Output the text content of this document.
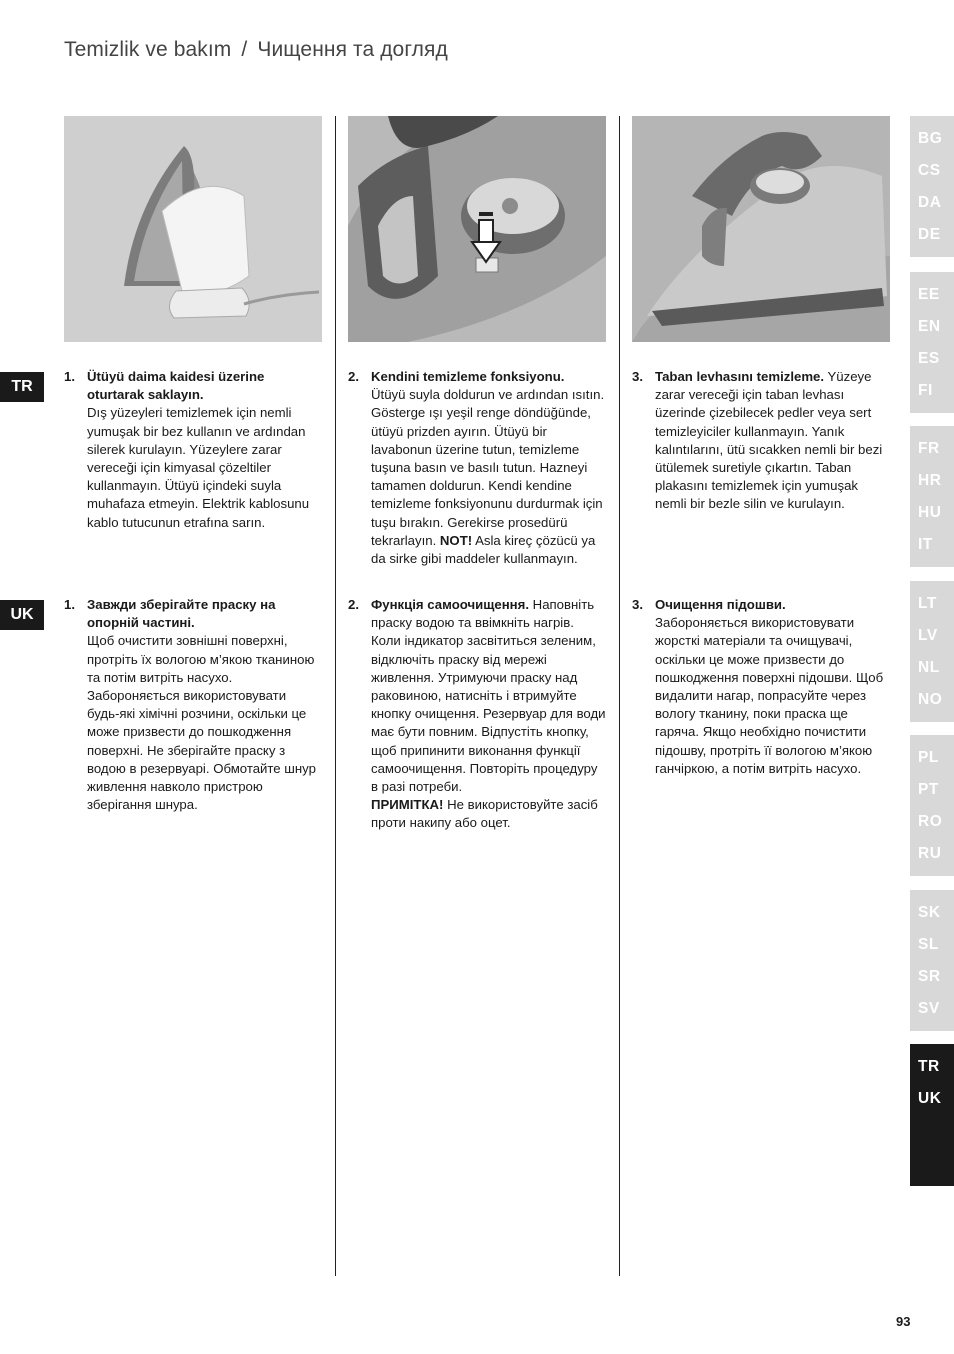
Temizlik ve bakım / Чищення та догляд
TR
UK
1. Ütüyü daima kaidesi üzerine oturtarak saklayın.
Dış yüzeyleri temizlemek için nemli yumuşak bir bez kullanın ve ardından silerek kurulayın. Yüzeylere zarar vereceği için kimyasal çözeltiler kullanmayın. Ütüyü içindeki suyla muhafaza etmeyin. Elektrik kablosunu kablo tutucunun etrafına sarın.
2. Kendini temizleme fonksiyonu.
Ütüyü suyla doldurun ve ardından ısıtın. Gösterge ışı yeşil renge döndüğünde, ütüyü prizden ayırın. Ütüyü bir lavabonun üzerine tutun, temizleme tuşuna basın ve basılı tutun. Hazneyi tamamen doldurun. Kendi kendine temizleme fonksiyonunu durdurmak için tuşu bırakın. Gerekirse prosedürü tekrarlayın. NOT! Asla kireç çözücü ya da sirke gibi maddeler kullanmayın.
3. Taban levhasını temizleme. Yüzeye zarar vereceği için taban levhası üzerinde çizebilecek pedler veya sert temizleyiciler kullanmayın. Yanık kalıntılarını, ütü sıcakken nemli bir bezi ütülemek suretiyle çıkartın. Taban plakasını temizlemek için yumuşak nemli bir bezle silin ve kurulayın.
1. Завжди зберігайте праску на опорній частині.
Щоб очистити зовнішні поверхні, протріть їх вологою м’якою тканиною та потім витріть насухо. Забороняється використовувати будь-які хімічні розчини, оскільки це може призвести до пошкодження поверхні. Не зберігайте праску з водою в резервуарі. Обмотайте шнур живлення навколо пристрою зберігання шнура.
2. Функція самоочищення. Наповніть праску водою та ввімкніть нагрів. Коли індикатор засвітиться зеленим, відключіть праску від мережі живлення. Утримуючи праску над раковиною, натисніть і втримуйте кнопку очищення. Резервуар для води має бути повним. Відпустіть кнопку, щоб припинити виконання функції самоочищення. Повторіть процедуру в разі потреби.
ПРИМІТКА! Не використовуйте засіб проти накипу або оцет.
3. Очищення підошви.
Забороняється використовувати жорсткі матеріали та очищувачі, оскільки це може призвести до пошкодження поверхні підошви. Щоб видалити нагар, попрасуйте через вологу тканину, поки праска ще гаряча. Якщо необхідно почистити підошву, протріть її вологою м’якою ганчіркою, а потім витріть насухо.
BG
CS
DA
DE
EE
EN
ES
FI
FR
HR
HU
IT
LT
LV
NL
NO
PL
PT
RO
RU
SK
SL
SR
SV
TR
UK
93
